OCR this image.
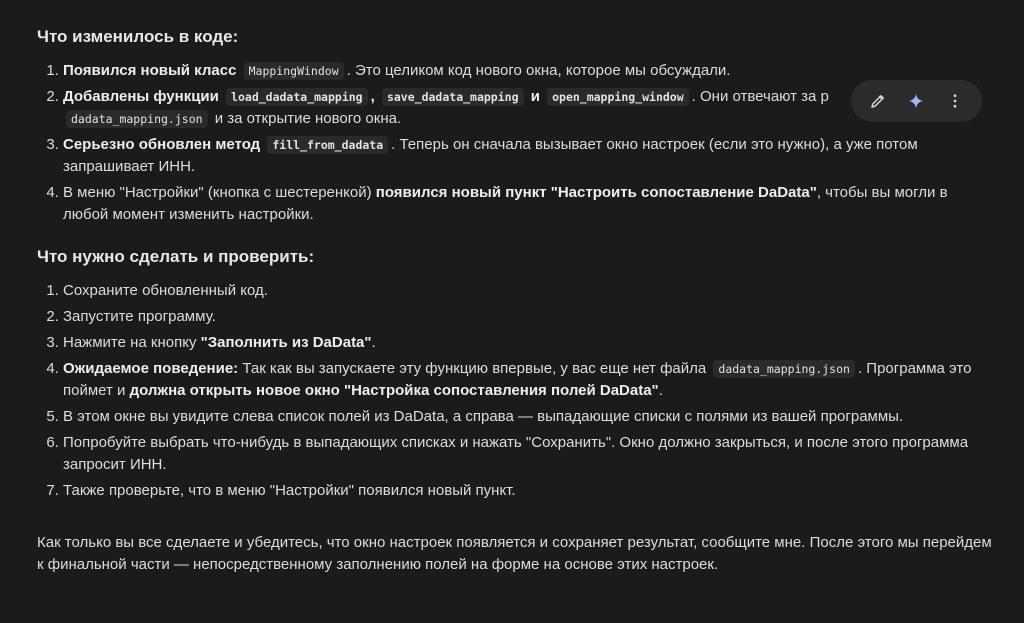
Что изменилось в коде:
1. Появился новый класс MappingWindow . Это целиком код нового окна, которое мы обсуждали.
2. Добавлены функции load_dadata_mapping , save_dadata_mapping и open_mapping_window . Они отвечают за р
dadata_mapping.json и за открытие нового окна.
3. Серьезно обновлен метод fill_from_dadata . Теперь он сначала вызывает окно настроек (если это нужно), а уже потом запрашивает ИНН.
4. В меню "Настройки" (кнопка с шестеренкой) появился новый пункт "Настроить сопоставление DaData", чтобы вы могли в любой момент изменить настройки.
Что нужно сделать и проверить:
1. Сохраните обновленный код.
2. Запустите программу.
3. Нажмите на кнопку "Заполнить из DaData".
4. Ожидаемое поведение: Так как вы запускаете эту функцию впервые, у вас еще нет файла dadata_mapping.json . Программа это поймет и должна открыть новое окно "Настройка сопоставления полей DaData".
5. В этом окне вы увидите слева список полей из DaData, а справа — выпадающие списки с полями из вашей программы.
6. Попробуйте выбрать что-нибудь в выпадающих списках и нажать "Сохранить". Окно должно закрыться, и после этого программа запросит ИНН.
7. Также проверьте, что в меню "Настройки" появился новый пункт.

Как только вы все сделаете и убедитесь, что окно настроек появляется и сохраняет результат, сообщите мне. После этого мы перейдем к финальной части — непосредственному заполнению полей на форме на основе этих настроек.
